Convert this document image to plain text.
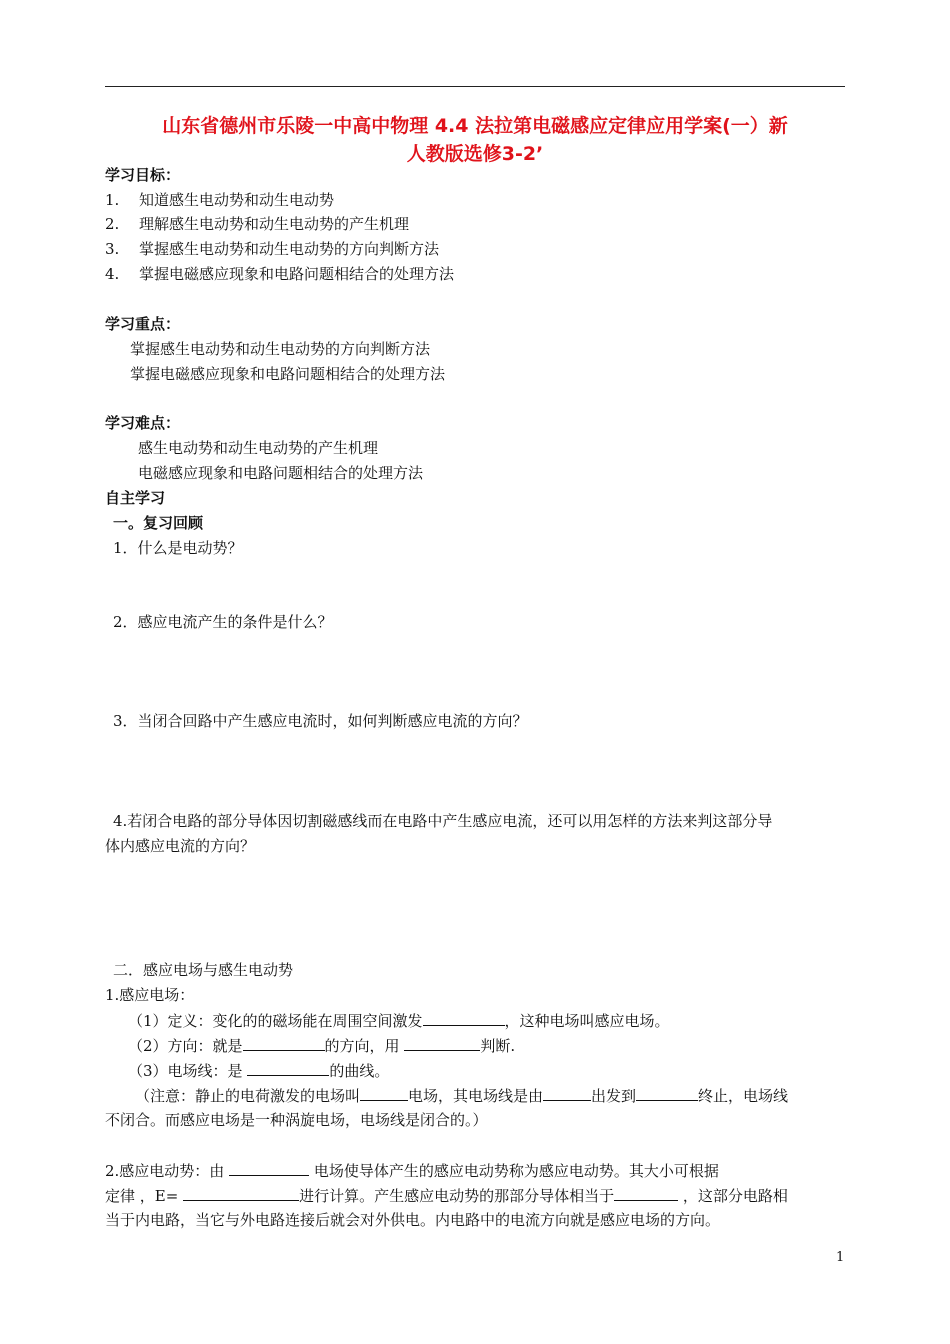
山东省德州市乐陵一中高中物理 4.4 法拉第电磁感应定律应用学案(一）新
人教版选修3-2’
学习目标：
1. 知道感生电动势和动生电动势
2. 理解感生电动势和动生电动势的产生机理
3. 掌握感生电动势和动生电动势的方向判断方法
4. 掌握电磁感应现象和电路问题相结合的处理方法
学习重点：
掌握感生电动势和动生电动势的方向判断方法
掌握电磁感应现象和电路问题相结合的处理方法
学习难点：
感生电动势和动生电动势的产生机理
电磁感应现象和电路问题相结合的处理方法
自主学习
一。复习回顾
1．什么是电动势？
2．感应电流产生的条件是什么？
3．当闭合回路中产生感应电流时，如何判断感应电流的方向？
4.若闭合电路的部分导体因切割磁感线而在电路中产生感应电流，还可以用怎样的方法来判这部分导
体内感应电流的方向？
二．感应电场与感生电动势
1.感应电场：
（1）定义：变化的的磁场能在周围空间激发	，这种电场叫感应电场。
（2）方向：就是	的方向，用	判断.
（3）电场线：是	的曲线。
（注意：静止的电荷激发的电场叫	电场，其电场线是由	出发到	终止，电场线
不闭合。而感应电场是一种涡旋电场，电场线是闭合的。）
2.感应电动势：由	电场使导体产生的感应电动势称为感应电动势。其大小可根据
定律 ，E=	进行计算。产生感应电动势的那部分导体相当于	，这部分电路相
当于内电路，当它与外电路连接后就会对外供电。内电路中的电流方向就是感应电场的方向。
1
